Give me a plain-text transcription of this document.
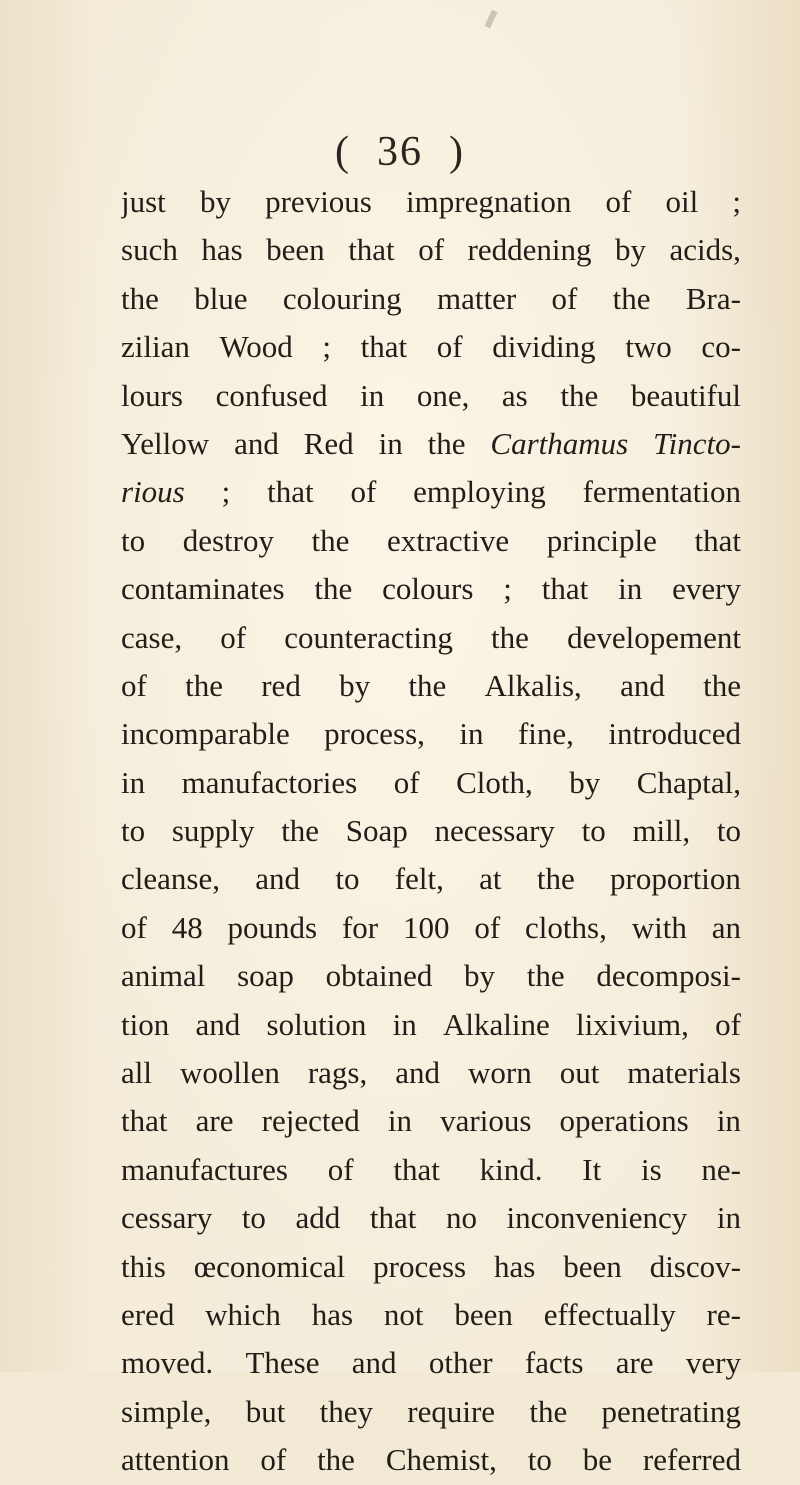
( 36 )
just by previous impregnation of oil ;
such has been that of reddening by acids,
the blue colouring matter of the Bra-
zilian Wood ; that of dividing two co-
lours confused in one, as the beautiful
Yellow and Red in the Carthamus Tincto-
rious ; that of employing fermentation
to destroy the extractive principle that
contaminates the colours ; that in every
case, of counteracting the developement
of the red by the Alkalis, and the
incomparable process, in fine, introduced
in manufactories of Cloth, by Chaptal,
to supply the Soap necessary to mill, to
cleanse, and to felt, at the proportion
of 48 pounds for 100 of cloths, with an
animal soap obtained by the decomposi-
tion and solution in Alkaline lixivium, of
all woollen rags, and worn out materials
that are rejected in various operations in
manufactures of that kind. It is ne-
cessary to add that no inconveniency in
this œconomical process has been discov-
ered which has not been effectually re-
moved. These and other facts are very
simple, but they require the penetrating
attention of the Chemist, to be referred
